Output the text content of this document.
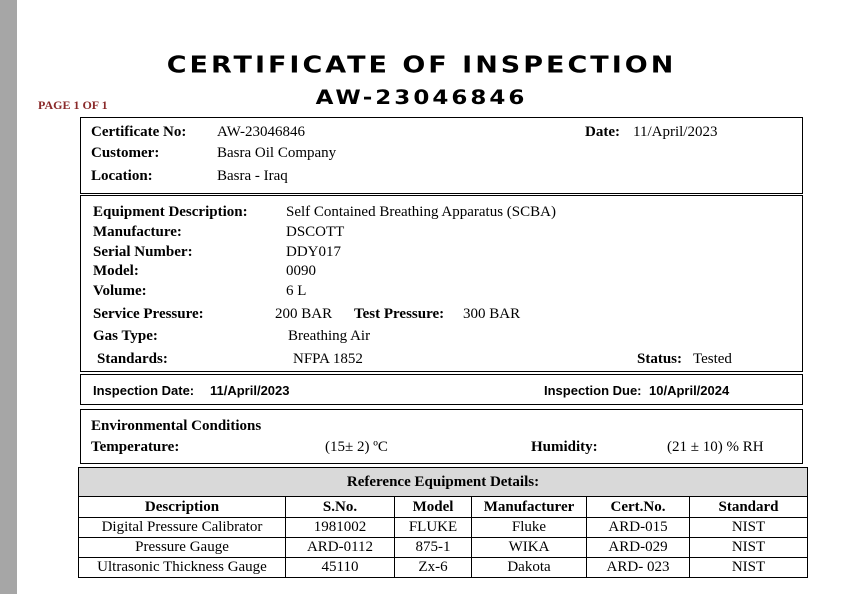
CERTIFICATE OF INSPECTION
AW-23046846
PAGE 1 OF 1
Certificate No: AW-23046846	Date: 11/April/2023
Customer:	Basra Oil Company
Location:	Basra - Iraq
Equipment Description:	Self Contained Breathing Apparatus (SCBA)
Manufacture:	DSCOTT
Serial Number:	DDY017
Model:	0090
Volume:	6 L
Service Pressure:	200 BAR Test Pressure: 300 BAR
Gas Type:	Breathing Air
Standards:	NFPA 1852	Status: Tested
Inspection Date: 11/April/2023	Inspection Due: 10/April/2024
Environmental Conditions
Temperature:	(15± 2) ºC	Humidity:	(21 ± 10) % RH
Reference Equipment Details:					
Description	S.No.	Model	Manufacturer	Cert.No.	Standard
Digital Pressure Calibrator	1981002	FLUKE	Fluke	ARD-015	NIST
Pressure Gauge	ARD-0112	875-1	WIKA	ARD-029	NIST
Ultrasonic Thickness Gauge	45110	Zx-6	Dakota	ARD- 023	NIST
